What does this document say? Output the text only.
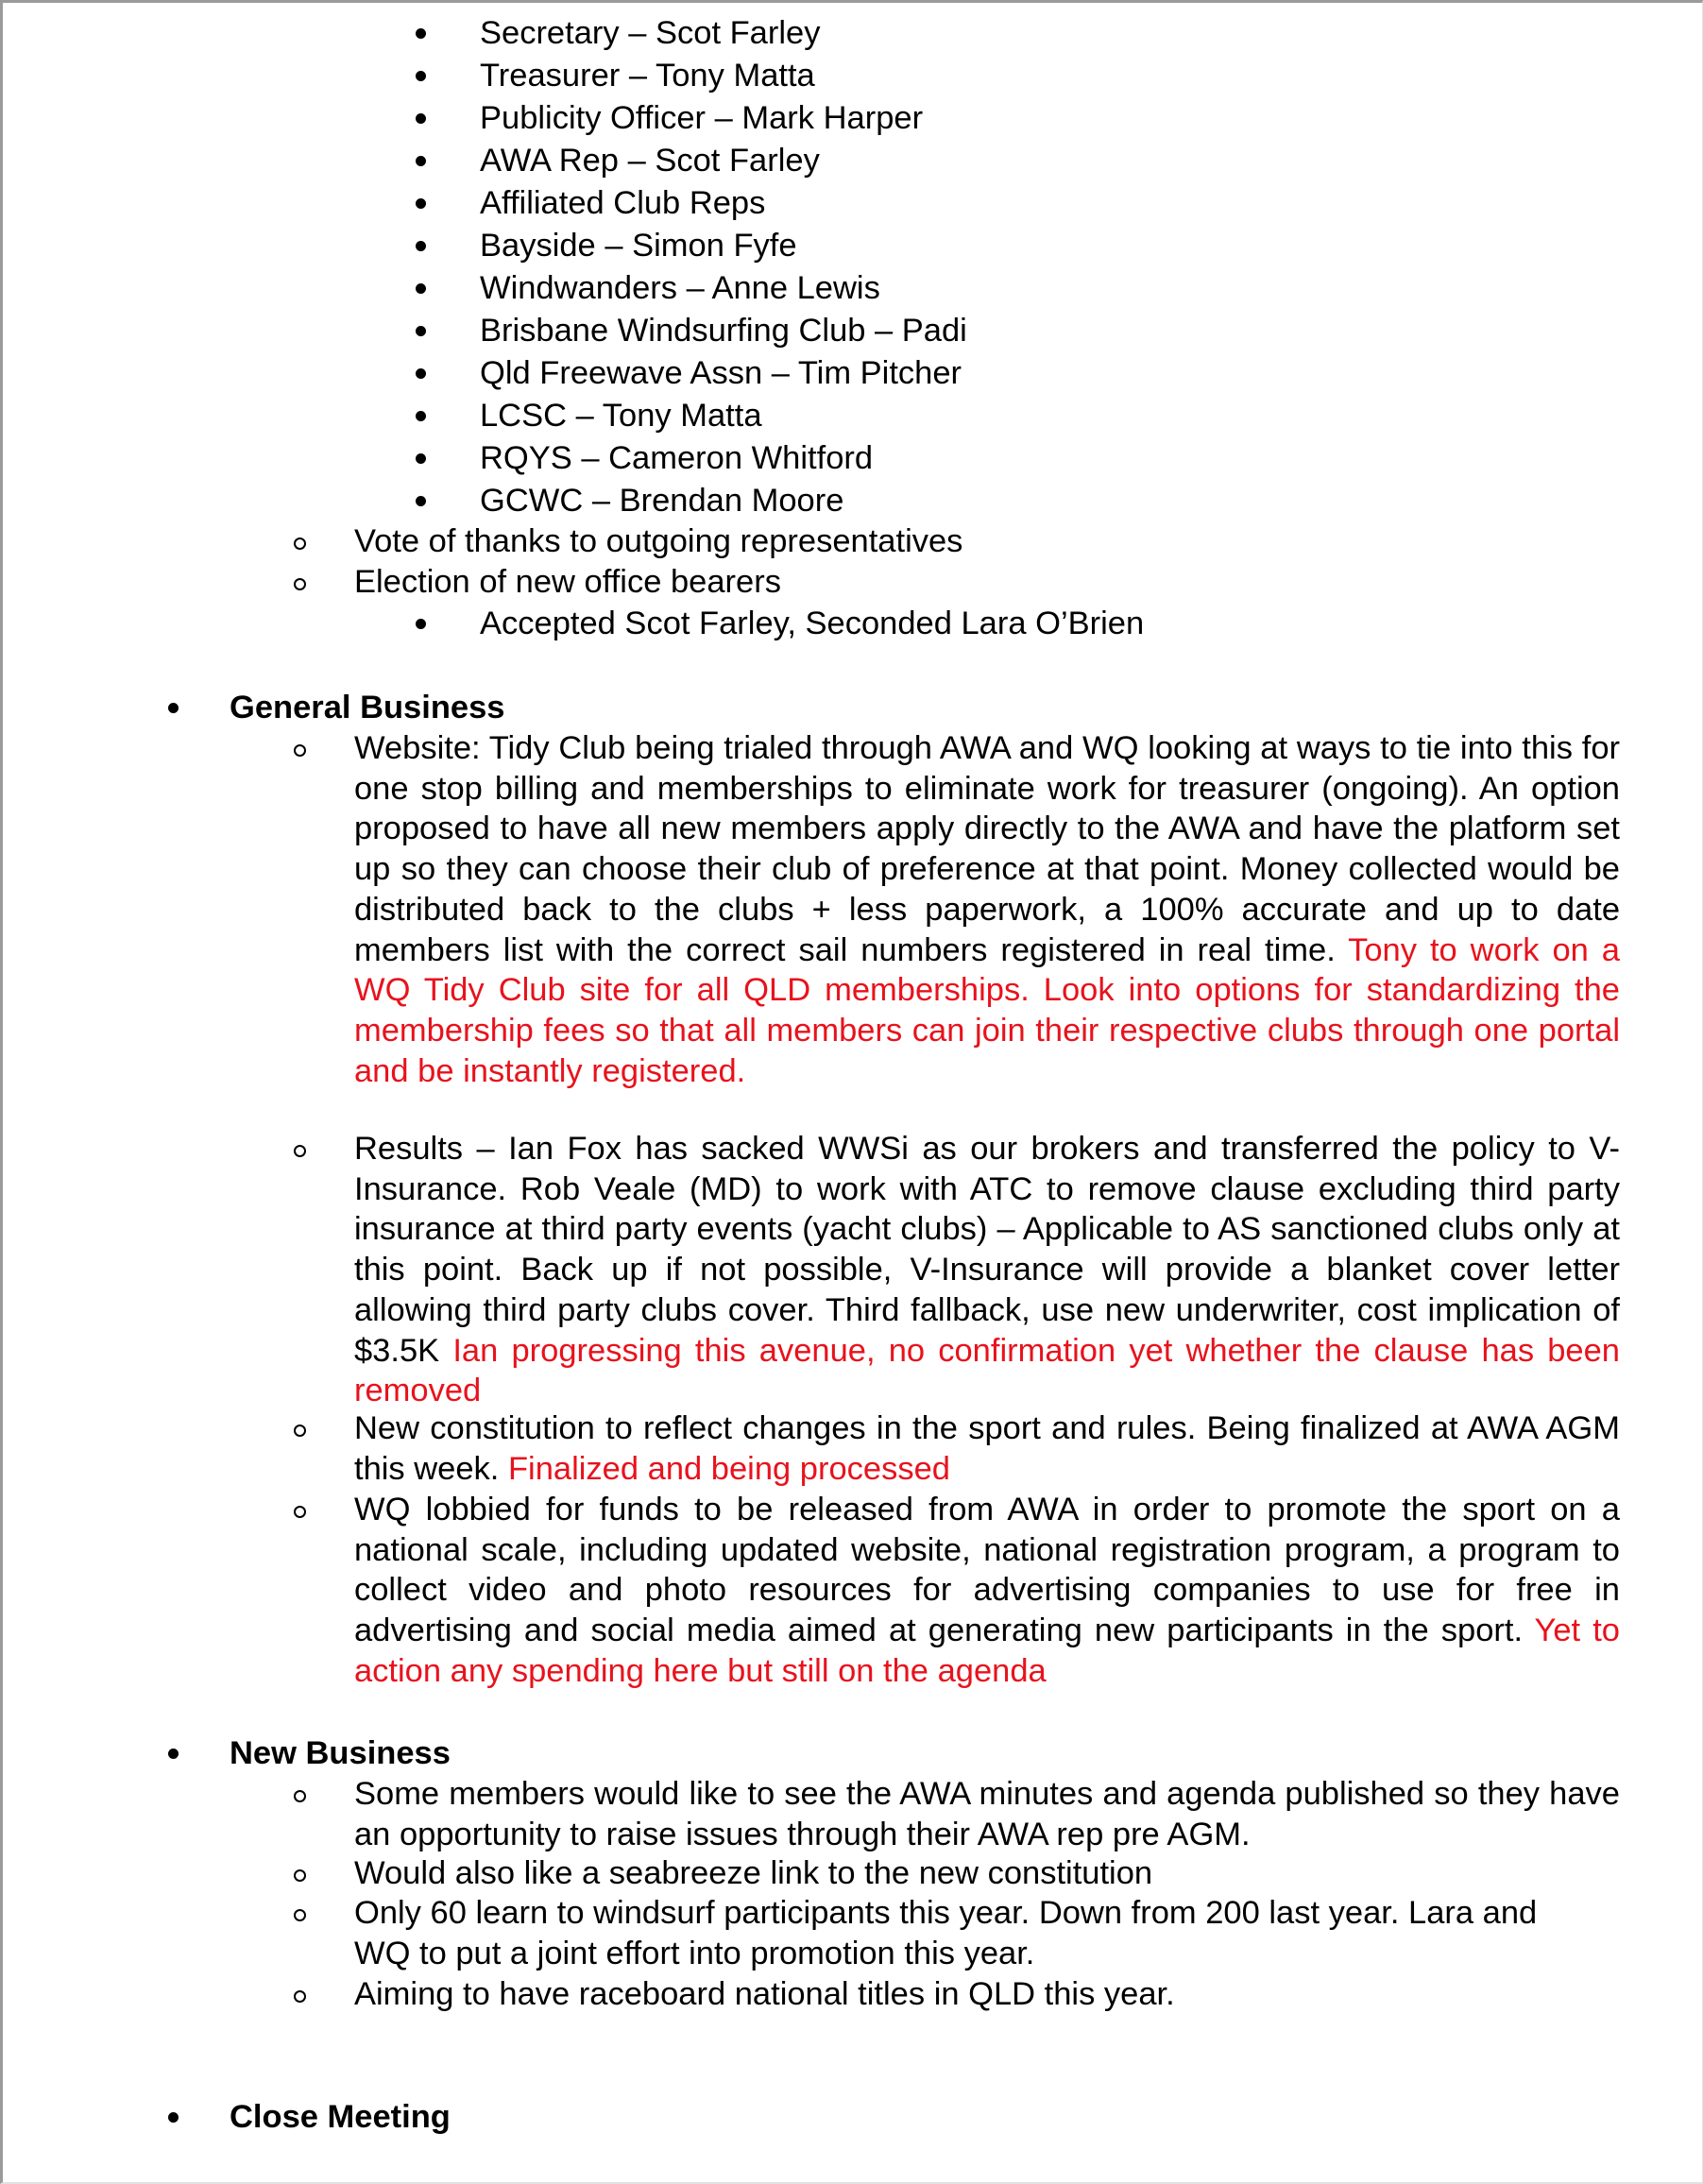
Secretary – Scot Farley
Treasurer – Tony Matta
Publicity Officer – Mark Harper
AWA Rep – Scot Farley
Affiliated Club Reps
Bayside – Simon Fyfe
Windwanders – Anne Lewis
Brisbane Windsurfing Club – Padi
Qld Freewave Assn – Tim Pitcher
LCSC – Tony Matta
RQYS – Cameron Whitford
GCWC – Brendan Moore
Vote of thanks to outgoing representatives
Election of new office bearers
Accepted Scot Farley, Seconded Lara O’Brien
General Business
Website: Tidy Club being trialed through AWA and WQ looking at ways to tie into this for one stop billing and memberships to eliminate work for treasurer (ongoing). An option proposed to have all new members apply directly to the AWA and have the platform set up so they can choose their club of preference at that point. Money collected would be distributed back to the clubs + less paperwork, a 100% accurate and up to date members list with the correct sail numbers registered in real time. Tony to work on a WQ Tidy Club site for all QLD memberships. Look into options for standardizing the membership fees so that all members can join their respective clubs through one portal and be instantly registered.
Results – Ian Fox has sacked WWSi as our brokers and transferred the policy to V-Insurance. Rob Veale (MD) to work with ATC to remove clause excluding third party insurance at third party events (yacht clubs) – Applicable to AS sanctioned clubs only at this point. Back up if not possible, V-Insurance will provide a blanket cover letter allowing third party clubs cover. Third fallback, use new underwriter, cost implication of $3.5K Ian progressing this avenue, no confirmation yet whether the clause has been removed
New constitution to reflect changes in the sport and rules. Being finalized at AWA AGM this week. Finalized and being processed
WQ lobbied for funds to be released from AWA in order to promote the sport on a national scale, including updated website, national registration program, a program to collect video and photo resources for advertising companies to use for free in advertising and social media aimed at generating new participants in the sport. Yet to action any spending here but still on the agenda
New Business
Some members would like to see the AWA minutes and agenda published so they have an opportunity to raise issues through their AWA rep pre AGM.
Would also like a seabreeze link to the new constitution
Only 60 learn to windsurf participants this year. Down from 200 last year. Lara and WQ to put a joint effort into promotion this year.
Aiming to have raceboard national titles in QLD this year.
Close Meeting
